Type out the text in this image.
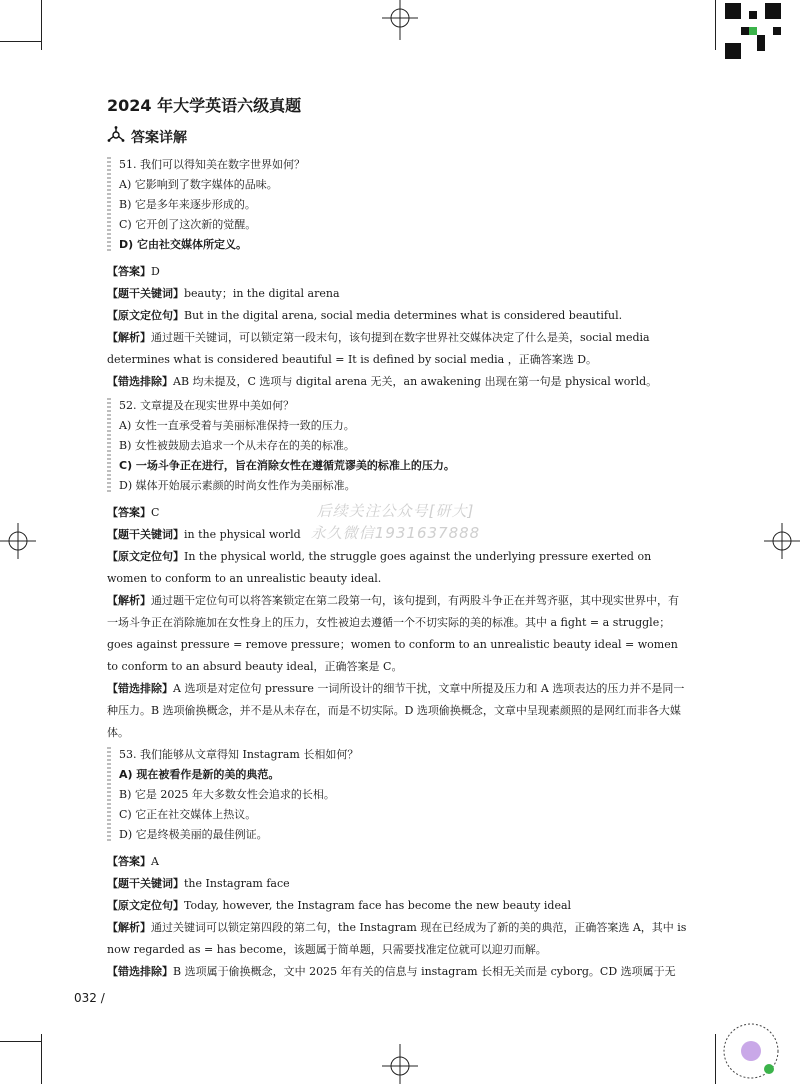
2024 年大学英语六级真题
答案详解
51. 我们可以得知美在数字世界如何？
A) 它影响到了数字媒体的品味。
B) 它是多年来逐步形成的。
C) 它开创了这次新的觉醒。
D) 它由社交媒体所定义。
【答案】D
【题干关键词】beauty；in the digital arena
【原文定位句】But in the digital arena, social media determines what is considered beautiful.
【解析】通过题干关键词，可以锁定第一段末句，该句提到在数字世界社交媒体决定了什么是美，social media determines what is considered beautiful = It is defined by social media ，正确答案选 D。
【错选排除】AB 均未提及，C 选项与 digital arena 无关，an awakening 出现在第一句是 physical world。
52. 文章提及在现实世界中美如何？
A) 女性一直承受着与美丽标准保持一致的压力。
B) 女性被鼓励去追求一个从未存在的美的标准。
C) 一场斗争正在进行，旨在消除女性在遵循荒谬美的标准上的压力。
D) 媒体开始展示素颜的时尚女性作为美丽标准。
【答案】C
【题干关键词】in the physical world
【原文定位句】In the physical world, the struggle goes against the underlying pressure exerted on women to conform to an unrealistic beauty ideal.
【解析】通过题干定位句可以将答案锁定在第二段第一句，该句提到，有两股斗争正在并驾齐驱，其中现实世界中，有一场斗争正在消除施加在女性身上的压力，女性被迫去遵循一个不切实际的美的标准。其中 a fight = a struggle；goes against pressure = remove pressure；women to conform to an unrealistic beauty ideal = women to conform to an absurd beauty ideal，正确答案是 C。
【错选排除】A 选项是对定位句 pressure 一词所设计的细节干扰，文章中所提及压力和 A 选项表达的压力并不是同一种压力。B 选项偷换概念，并不是从未存在，而是不切实际。D 选项偷换概念，文章中呈现素颜照的是网红而非各大媒体。
53. 我们能够从文章得知 Instagram 长相如何？
A) 现在被看作是新的美的典范。
B) 它是 2025 年大多数女性会追求的长相。
C) 它正在社交媒体上热议。
D) 它是终极美丽的最佳例证。
【答案】A
【题干关键词】the Instagram face
【原文定位句】Today, however, the Instagram face has become the new beauty ideal
【解析】通过关键词可以锁定第四段的第二句，the Instagram 现在已经成为了新的美的典范，正确答案选 A，其中 is now regarded as = has become，该题属于简单题，只需要找准定位就可以迎刃而解。
【错选排除】B 选项属于偷换概念，文中 2025 年有关的信息与 instagram 长相无关而是 cyborg。CD 选项属于无
后续关注公众号[研大]
永久微信1931637888
032 /
